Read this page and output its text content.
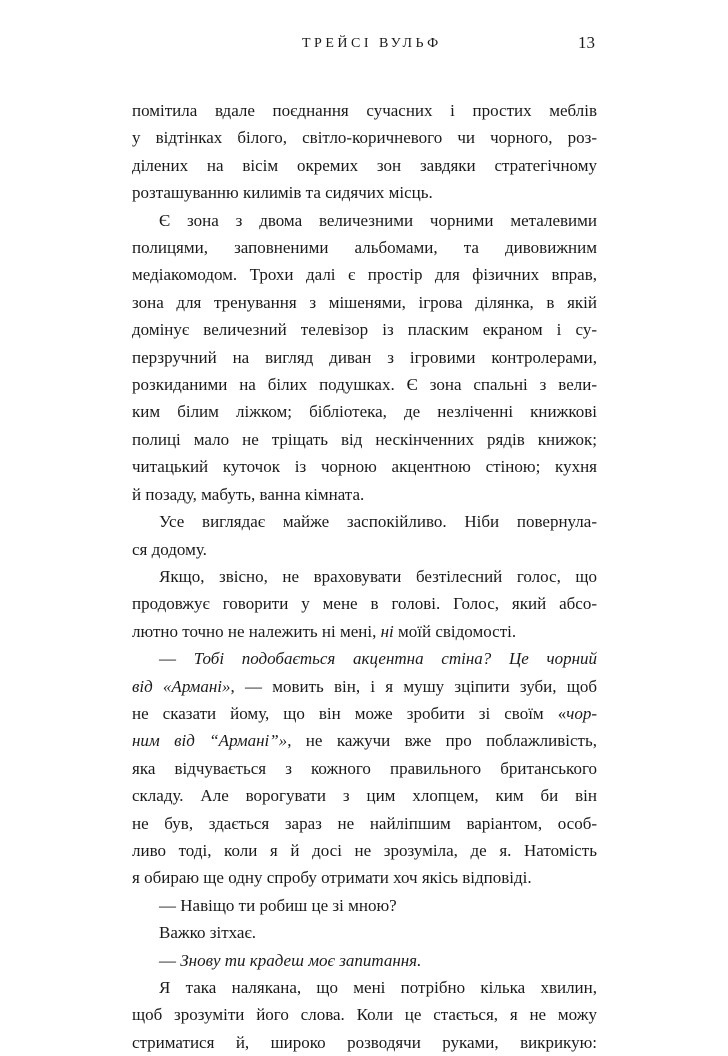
ТРЕЙСІ ВУЛЬФ	13
помітила вдале поєднання сучасних і простих меблів
у відтінках білого, світло-коричневого чи чорного, роз-
ділених на вісім окремих зон завдяки стратегічному
розташуванню килимів та сидячих місць.
Є зона з двома величезними чорними металевими
полицями, заповненими альбомами, та дивовижним
медіакомодом. Трохи далі є простір для фізичних вправ,
зона для тренування з мішенями, ігрова ділянка, в якій
домінує величезний телевізор із пласким екраном і су-
перзручний на вигляд диван з ігровими контролерами,
розкиданими на білих подушках. Є зона спальні з вели-
ким білим ліжком; бібліотека, де незліченні книжкові
полиці мало не тріщать від нескінченних рядів книжок;
читацький куточок із чорною акцентною стіною; кухня
й позаду, мабуть, ванна кімната.
Усе виглядає майже заспокійливо. Ніби повернула-
ся додому.
Якщо, звісно, не враховувати безтілесний голос, що
продовжує говорити у мене в голові. Голос, який абсо-
лютно точно не належить ні мені, ні моїй свідомості.
— Тобі подобається акцентна стіна? Це чорний
від «Армані», — мовить він, і я мушу зціпити зуби, щоб
не сказати йому, що він може зробити зі своїм «чор-
ним від “Армані”», не кажучи вже про поблажливість,
яка відчувається з кожного правильного британського
складу. Але ворогувати з цим хлопцем, ким би він
не був, здається зараз не найліпшим варіантом, особ-
ливо тоді, коли я й досі не зрозуміла, де я. Натомість
я обираю ще одну спробу отримати хоч якісь відповіді.
— Навіщо ти робиш це зі мною?
Важко зітхає.
— Знову ти крадеш моє запитання.
Я така налякана, що мені потрібно кілька хвилин,
щоб зрозуміти його слова. Коли це стається, я не можу
стриматися й, широко розводячи руками, викрикую:
